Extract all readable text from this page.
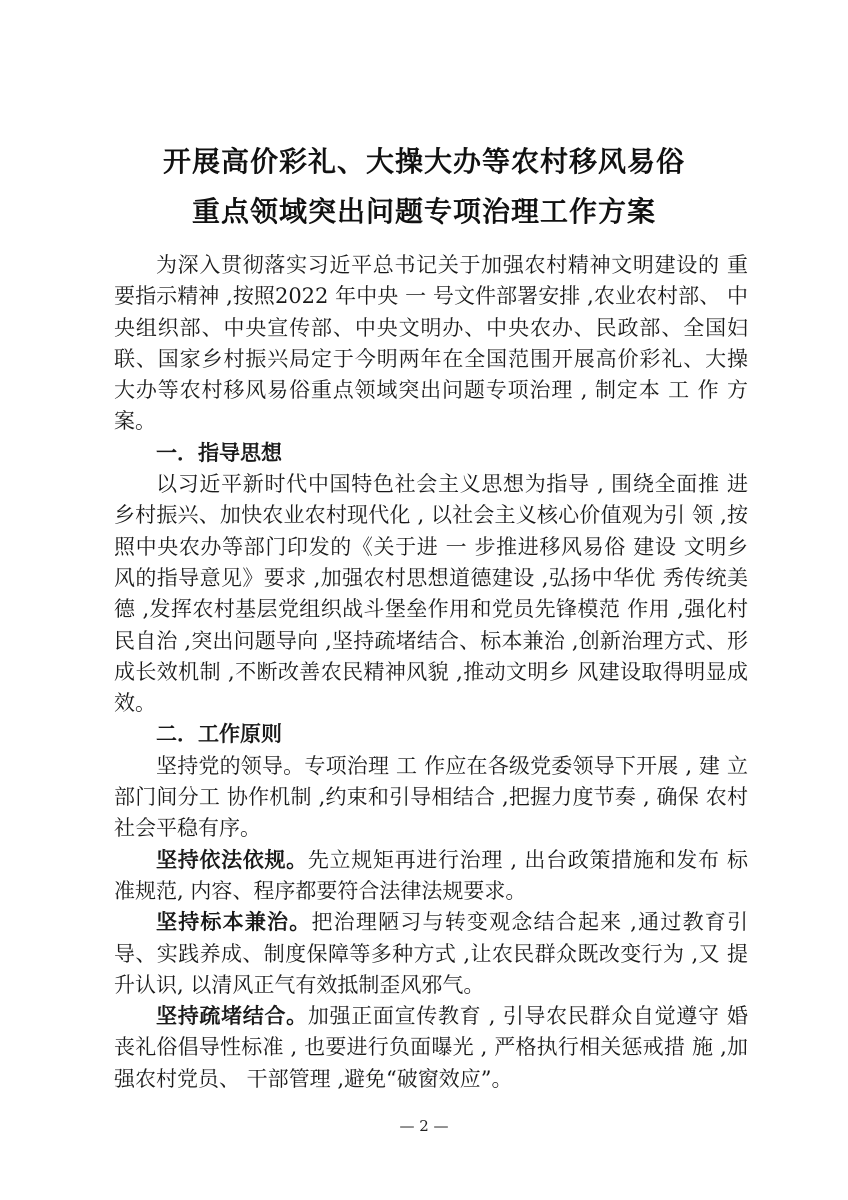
开展高价彩礼、大操大办等农村移风易俗
重点领域突出问题专项治理工作方案

为深入贯彻落实习近平总书记关于加强农村精神文明建设的 重要指示精神 ,按照2022 年中央 一 号文件部署安排 ,农业农村部、 中央组织部、中央宣传部、中央文明办、中央农办、民政部、全国妇 联、国家乡村振兴局定于今明两年在全国范围开展高价彩礼、大操 大办等农村移风易俗重点领域突出问题专项治理 , 制定本 工 作 方案。

一．指导思想

以习近平新时代中国特色社会主义思想为指导 , 围绕全面推 进乡村振兴、加快农业农村现代化 , 以社会主义核心价值观为引 领 ,按照中央农办等部门印发的《关于进 一 步推进移风易俗 建设 文明乡风的指导意见》要求 ,加强农村思想道德建设 ,弘扬中华优 秀传统美德 ,发挥农村基层党组织战斗堡垒作用和党员先锋模范 作用 ,强化村民自治 ,突出问题导向 ,坚持疏堵结合、标本兼治 ,创新治理方式、形成长效机制 ,不断改善农民精神风貌 ,推动文明乡 风建设取得明显成效。

二．工作原则

坚持党的领导。专项治理 工 作应在各级党委领导下开展 , 建 立部门间分工 协作机制 ,约束和引导相结合 ,把握力度节奏 , 确保 农村社会平稳有序。

坚持依法依规。先立规矩再进行治理 , 出台政策措施和发布 标准规范, 内容、程序都要符合法律法规要求。

坚持标本兼治。把治理陋习与转变观念结合起来 ,通过教育引导、实践养成、制度保障等多种方式 ,让农民群众既改变行为 ,又 提升认识, 以清风正气有效抵制歪风邪气。

坚持疏堵结合。加强正面宣传教育 , 引导农民群众自觉遵守 婚丧礼俗倡导性标准 , 也要进行负面曝光 , 严格执行相关惩戒措 施 ,加强农村党员、 干部管理 ,避免“破窗效应”。

— 2 —
